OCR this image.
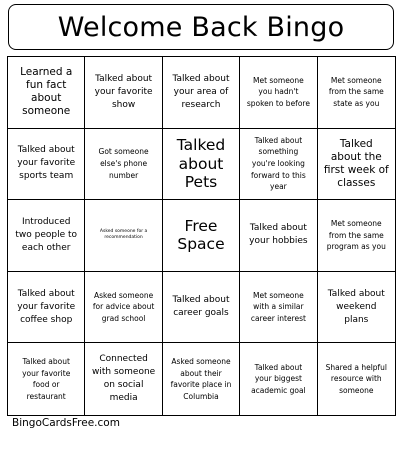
Welcome Back Bingo
Learned a fun fact about someone
Talked about your favorite show
Talked about your area of research
Met someone you hadn't spoken to before
Met someone from the same state as you
Talked about your favorite sports team
Got someone else's phone number
Talked about Pets
Talked about something you're looking forward to this year
Talked about the first week of classes
Introduced two people to each other
Asked someone for a recommendation
Free Space
Talked about your hobbies
Met someone from the same program as you
Talked about your favorite coffee shop
Asked someone for advice about grad school
Talked about career goals
Met someone with a similar career interest
Talked about weekend plans
Talked about your favorite food or restaurant
Connected with someone on social media
Asked someone about their favorite place in Columbia
Talked about your biggest academic goal
Shared a helpful resource with someone
BingoCardsFree.com
